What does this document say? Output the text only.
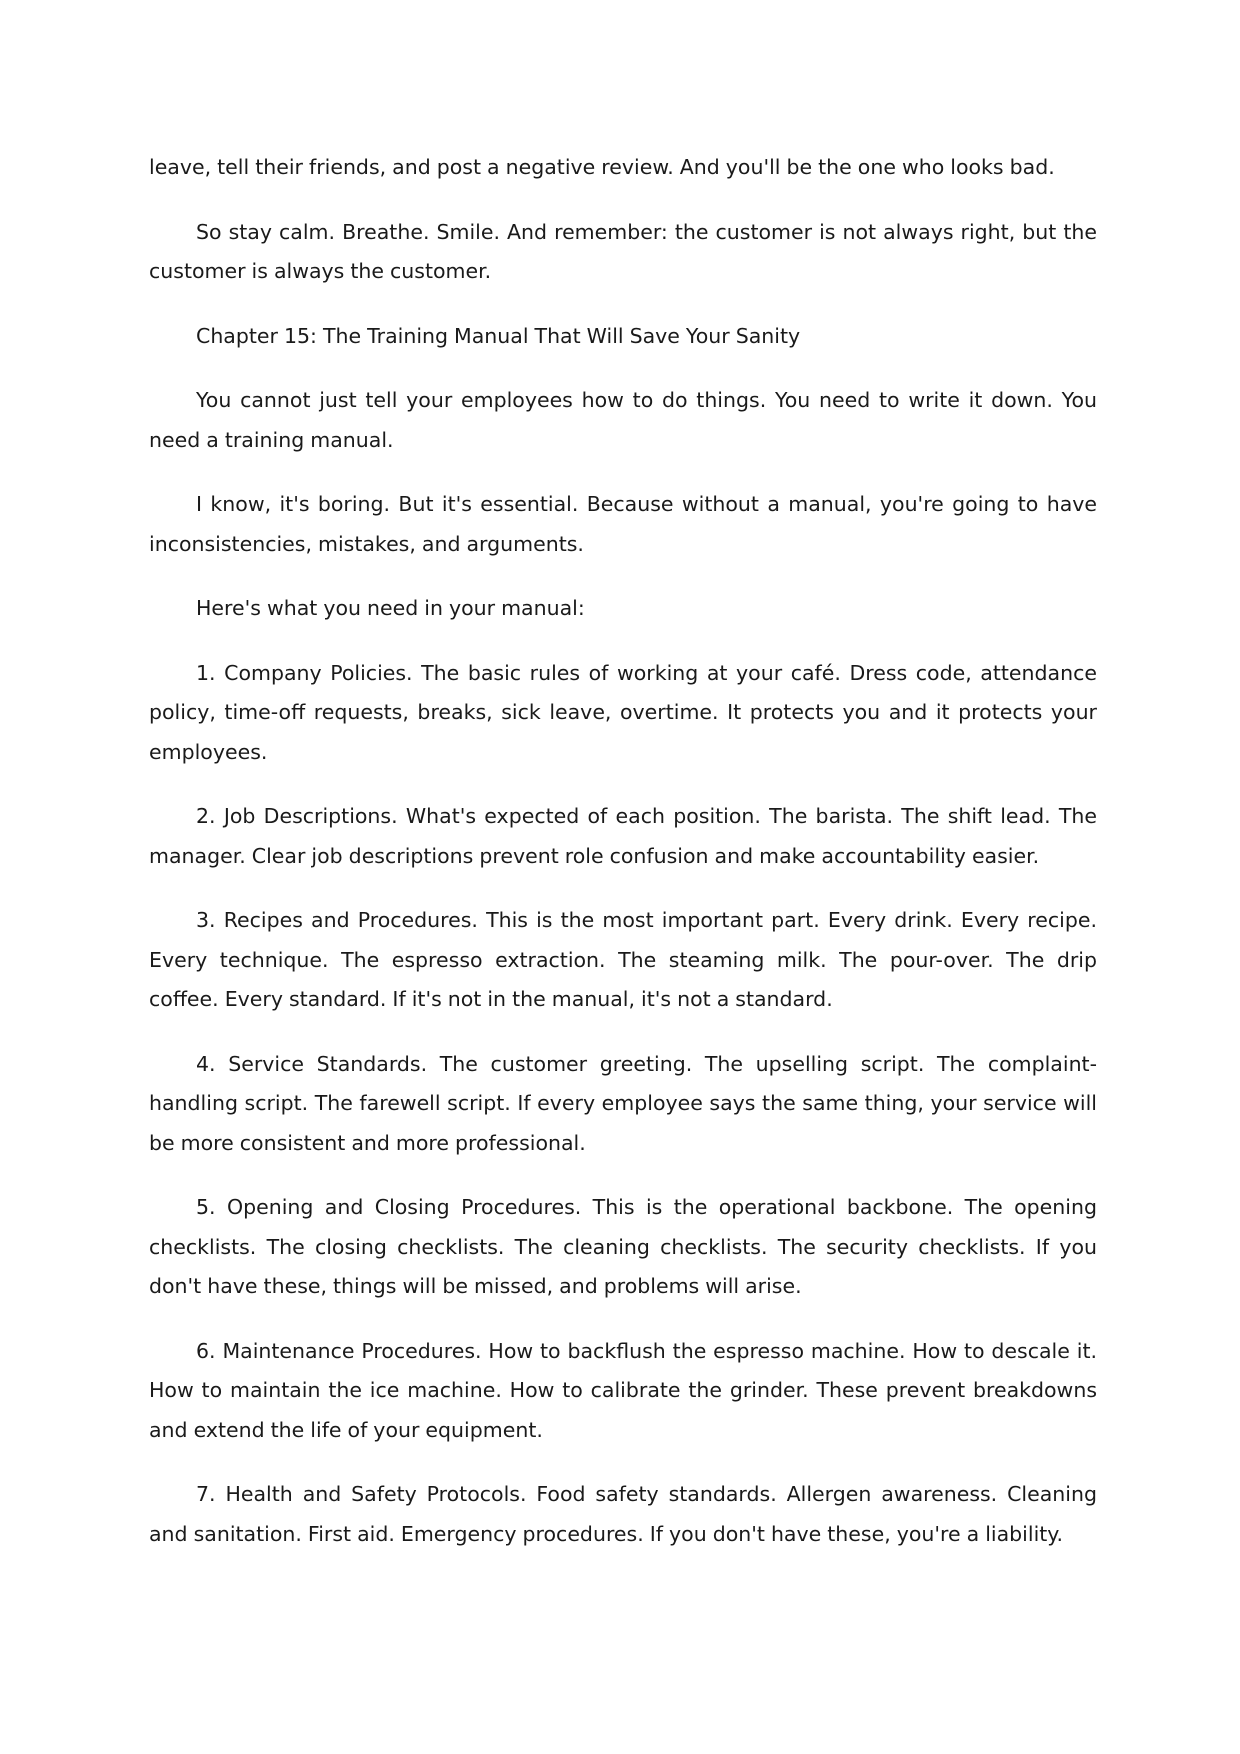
leave, tell their friends, and post a negative review. And you'll be the one who looks bad.

So stay calm. Breathe. Smile. And remember: the customer is not always right, but the customer is always the customer.

Chapter 15: The Training Manual That Will Save Your Sanity

You cannot just tell your employees how to do things. You need to write it down. You need a training manual.

I know, it's boring. But it's essential. Because without a manual, you're going to have inconsistencies, mistakes, and arguments.

Here's what you need in your manual:

1. Company Policies. The basic rules of working at your café. Dress code, attendance policy, time-off requests, breaks, sick leave, overtime. It protects you and it protects your employees.

2. Job Descriptions. What's expected of each position. The barista. The shift lead. The manager. Clear job descriptions prevent role confusion and make accountability easier.

3. Recipes and Procedures. This is the most important part. Every drink. Every recipe. Every technique. The espresso extraction. The steaming milk. The pour-over. The drip coffee. Every standard. If it's not in the manual, it's not a standard.

4. Service Standards. The customer greeting. The upselling script. The complaint-handling script. The farewell script. If every employee says the same thing, your service will be more consistent and more professional.

5. Opening and Closing Procedures. This is the operational backbone. The opening checklists. The closing checklists. The cleaning checklists. The security checklists. If you don't have these, things will be missed, and problems will arise.

6. Maintenance Procedures. How to backflush the espresso machine. How to descale it. How to maintain the ice machine. How to calibrate the grinder. These prevent breakdowns and extend the life of your equipment.

7. Health and Safety Protocols. Food safety standards. Allergen awareness. Cleaning and sanitation. First aid. Emergency procedures. If you don't have these, you're a liability.
